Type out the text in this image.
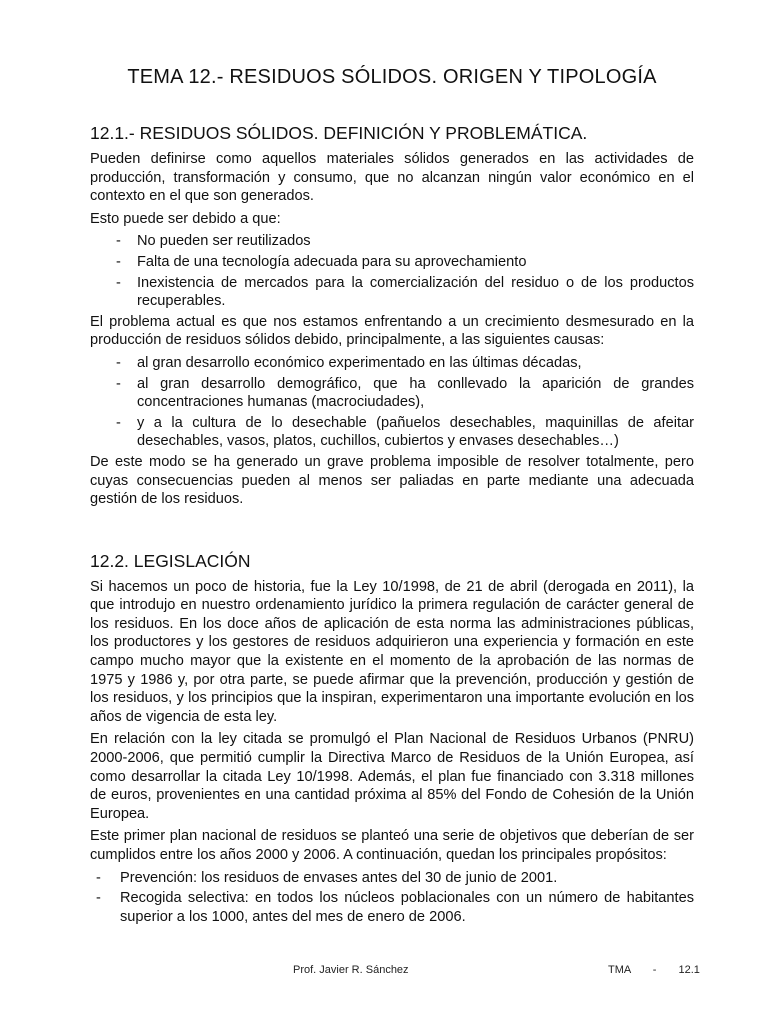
TEMA 12.- RESIDUOS SÓLIDOS. ORIGEN Y TIPOLOGÍA
12.1.- RESIDUOS SÓLIDOS. DEFINICIÓN Y PROBLEMÁTICA.

Pueden definirse como aquellos materiales sólidos generados en las actividades de producción, transformación y consumo, que no alcanzan ningún valor económico en el contexto en el que son generados.

Esto puede ser debido a que:

- No pueden ser reutilizados
- Falta de una tecnología adecuada para su aprovechamiento
- Inexistencia de mercados para la comercialización del residuo o de los productos recuperables.

El problema actual es que nos estamos enfrentando a un crecimiento desmesurado en la producción de residuos sólidos debido, principalmente, a las siguientes causas:

- al gran desarrollo económico experimentado en las últimas décadas,
- al gran desarrollo demográfico, que ha conllevado la aparición de grandes concentraciones humanas (macrociudades),
- y a la cultura de lo desechable (pañuelos desechables, maquinillas de afeitar desechables, vasos, platos, cuchillos, cubiertos y envases desechables…)

De este modo se ha generado un grave problema imposible de resolver totalmente, pero cuyas consecuencias pueden al menos ser paliadas en parte mediante una adecuada gestión de los residuos.

12.2. LEGISLACIÓN

Si hacemos un poco de historia, fue la Ley 10/1998, de 21 de abril (derogada en 2011), la que introdujo en nuestro ordenamiento jurídico la primera regulación de carácter general de los residuos. En los doce años de aplicación de esta norma las administraciones públicas, los productores y los gestores de residuos adquirieron una experiencia y formación en este campo mucho mayor que la existente en el momento de la aprobación de las normas de 1975 y 1986 y, por otra parte, se puede afirmar que la prevención, producción y gestión de los residuos, y los principios que la inspiran, experimentaron una importante evolución en los años de vigencia de esta ley.

En relación con la ley citada se promulgó el Plan Nacional de Residuos Urbanos (PNRU) 2000-2006, que permitió cumplir la Directiva Marco de Residuos de la Unión Europea, así como desarrollar la citada Ley 10/1998. Además, el plan fue financiado con 3.318 millones de euros, provenientes en una cantidad próxima al 85% del Fondo de Cohesión de la Unión Europea.

Este primer plan nacional de residuos se planteó una serie de objetivos que deberían de ser cumplidos entre los años 2000 y 2006. A continuación, quedan los principales propósitos:

- Prevención: los residuos de envases antes del 30 de junio de 2001.
- Recogida selectiva: en todos los núcleos poblacionales con un número de habitantes superior a los 1000, antes del mes de enero de 2006.
Prof. Javier R. Sánchez	TMA  -  12.1
